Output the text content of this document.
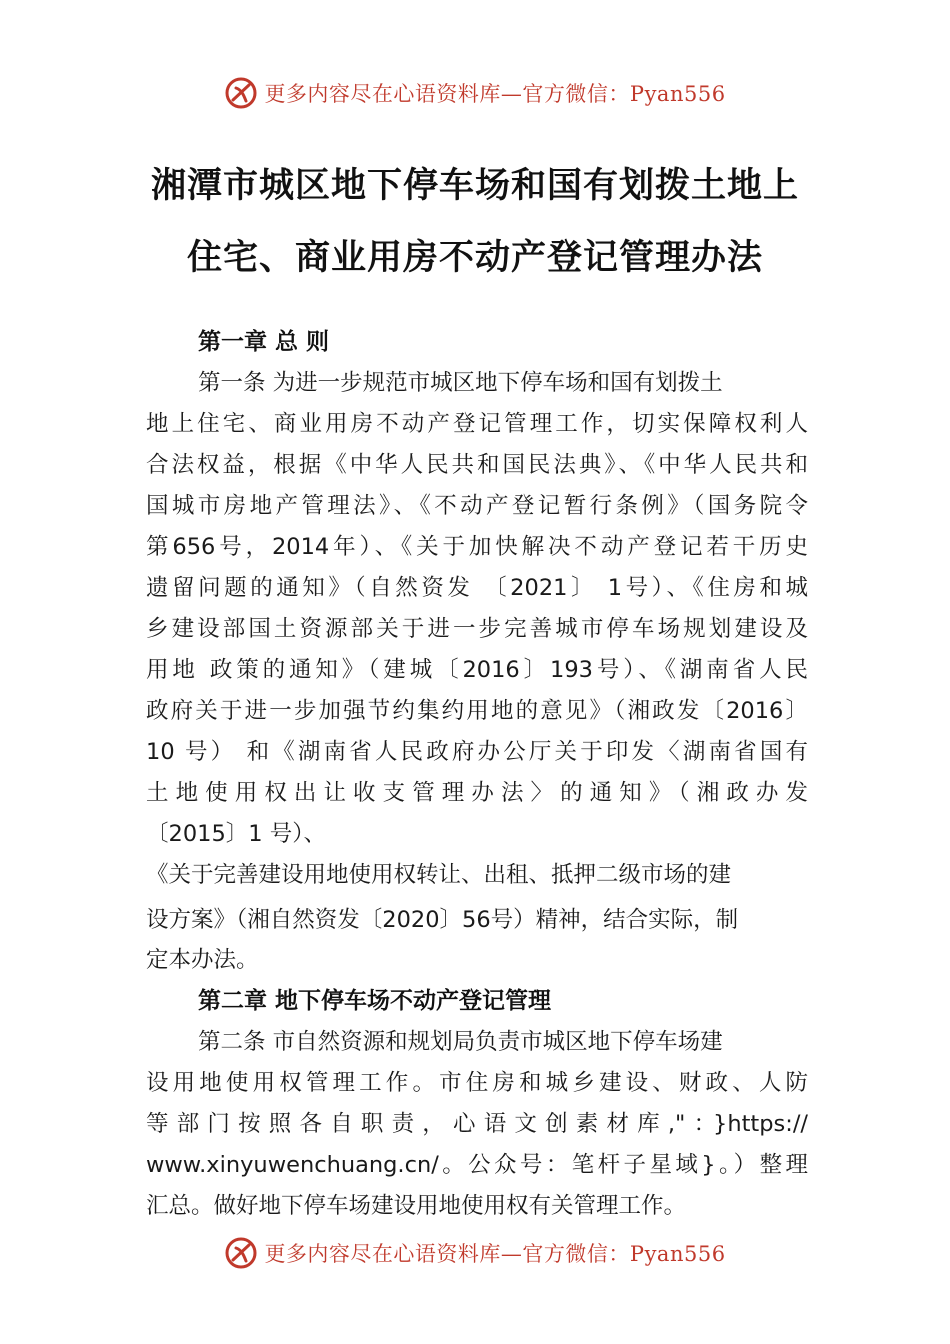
更多内容尽在心语资料库—官方微信：Pyan556
湘潭市城区地下停车场和国有划拨土地上
住宅、商业用房不动产登记管理办法
第一章 总 则
第一条 为进一步规范市城区地下停车场和国有划拨土
地上住宅、商业用房不动产登记管理工作，切实保障权利人
合法权益，根据《中华人民共和国民法典》、《中华人民共和
国城市房地产管理法》、《不动产登记暂行条例》（国务院令
第656号，2014年）、《关于加快解决不动产登记若干历史
遗留问题的通知》（自然资发 〔2021〕 1号）、《住房和城
乡建设部国土资源部关于进一步完善城市停车场规划建设及
用地 政策的通知》（建城〔2016〕193号）、《湖南省人民
政府关于进一步加强节约集约用地的意见》（湘政发〔2016〕
10 号） 和《湖南省人民政府办公厅关于印发〈湖南省国有
土地使用权出让收支管理办法〉的通知》（湘政办发
〔2015〕1 号）、
《关于完善建设用地使用权转让、出租、抵押二级市场的建
设方案》（湘自然资发〔2020〕56号）精神，结合实际，制
定本办法。
第二章 地下停车场不动产登记管理
第二条 市自然资源和规划局负责市城区地下停车场建
设用地使用权管理工作。市住房和城乡建设、财政、人防
等部门按照各自职责，心语文创素材库,"：}https://
www.xinyuwenchuang.cn/。公众号：笔杆子星域}。）整理
汇总。做好地下停车场建设用地使用权有关管理工作。
更多内容尽在心语资料库—官方微信：Pyan556
